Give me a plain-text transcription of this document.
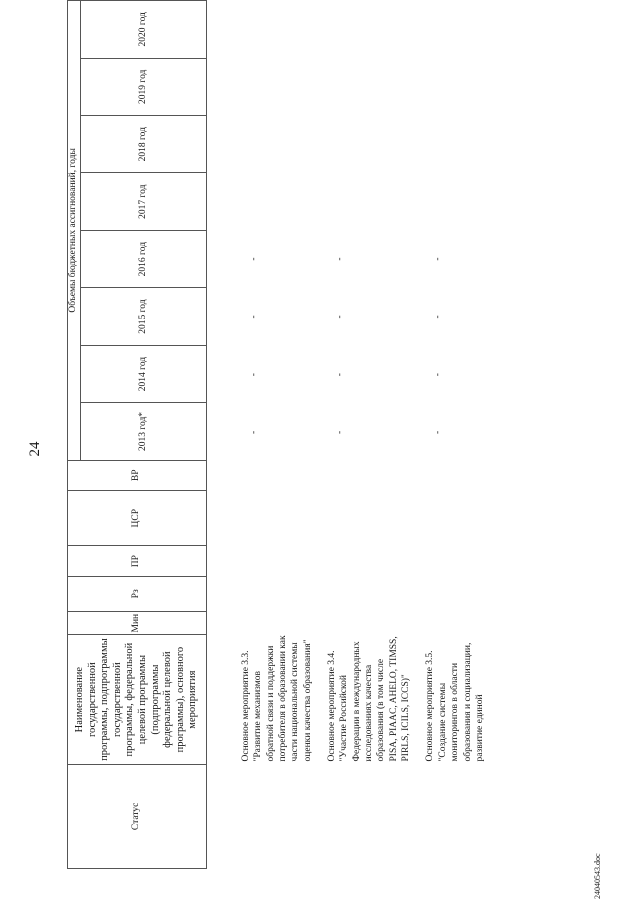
24
Статус	Наименование государственной программы, подпрограммы государственной программы, федеральной целевой программы (подпрограммы федеральной целевой программы), основного мероприятия	Мин	Рз	ПР	ЦСР	ВР	Объемы бюджетных ассигнований, годы							
							2013 год*	2014 год	2015 год	2016 год	2017 год	2018 год	2019 год	2020 год
	Основное мероприятие 3.3. "Развитие механизмов обратной связи и поддержки потребителя в образовании как части национальной системы оценки качества образования"						-	-	-	-				

	Основное мероприятие 3.4. "Участие Российской Федерации в международных исследованиях качества образования (в том числе PISA, PIAAC, AHELO, TIMSS, PIRLS, ICILS, ICCS)"						-	-	-	-				

	Основное мероприятие 3.5. "Создание системы мониторингов в области образования и социализации, развитие единой						-	-	-	-				
24040543.doc
